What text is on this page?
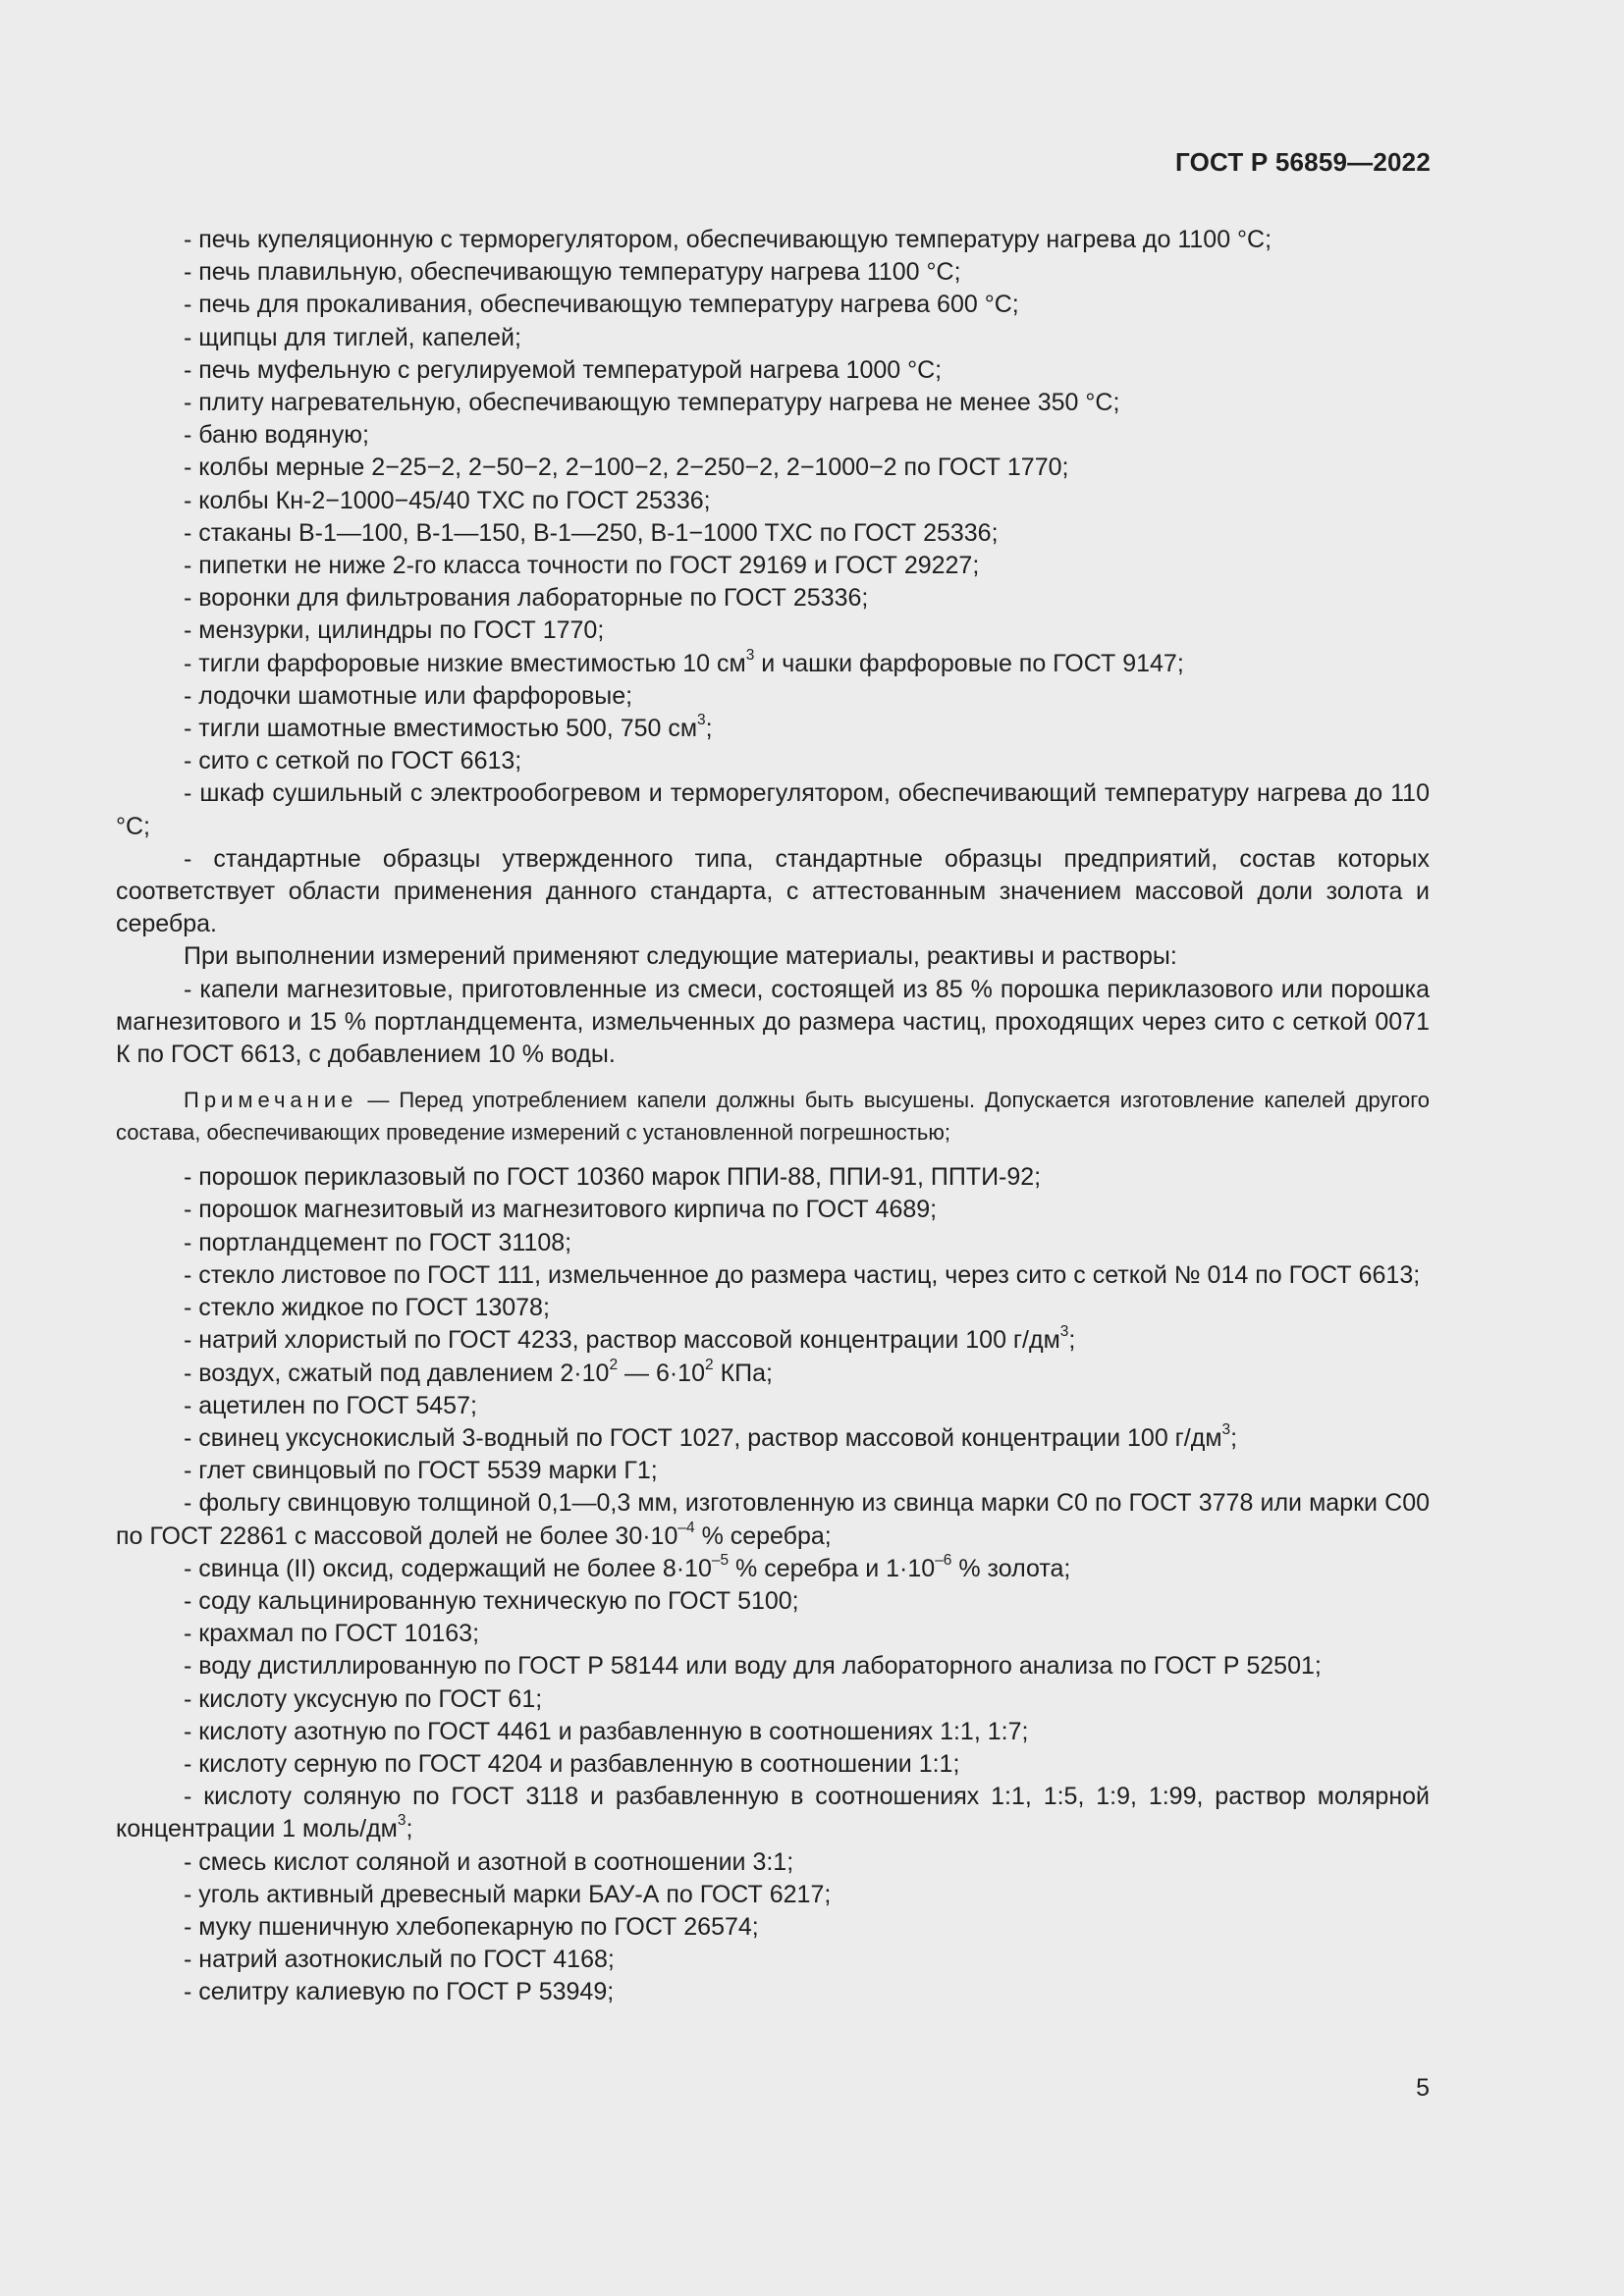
ГОСТ Р 56859—2022

- печь купеляционную с терморегулятором, обеспечивающую температуру нагрева до 1100 °С;

- печь плавильную, обеспечивающую температуру нагрева 1100 °С;

- печь для прокаливания, обеспечивающую температуру нагрева 600 °С;

- щипцы для тиглей, капелей;

- печь муфельную с регулируемой температурой нагрева 1000 °С;

- плиту нагревательную, обеспечивающую температуру нагрева не менее 350 °С;

- баню водяную;

- колбы мерные 2−25−2, 2−50−2, 2−100−2, 2−250−2, 2−1000−2 по ГОСТ 1770;

- колбы Кн-2−1000−45/40 ТХС по ГОСТ 25336;

- стаканы В-1—100, В-1—150, В-1—250, В-1−1000 ТХС по ГОСТ 25336;

- пипетки не ниже 2-го класса точности по ГОСТ 29169 и ГОСТ 29227;

- воронки для фильтрования лабораторные по ГОСТ 25336;

- мензурки, цилиндры по ГОСТ 1770;

- тигли фарфоровые низкие вместимостью 10 $см^3$ и чашки фарфоровые по ГОСТ 9147;

- лодочки шамотные или фарфоровые;

- тигли шамотные вместимостью 500, 750 $см^3$;

- сито с сеткой по ГОСТ 6613;

- шкаф сушильный с электрообогревом и терморегулятором, обеспечивающий температуру нагрева до 110 °С;

- стандартные образцы утвержденного типа, стандартные образцы предприятий, состав которых соответствует области применения данного стандарта, с аттестованным значением массовой доли золота и серебра.

При выполнении измерений применяют следующие материалы, реактивы и растворы:

- капели магнезитовые, приготовленные из смеси, состоящей из 85 % порошка периклазового или порошка магнезитового и 15 % портландцемента, измельченных до размера частиц, проходящих через сито с сеткой 0071 К по ГОСТ 6613, с добавлением 10 % воды.

Примечание — Перед употреблением капели должны быть высушены. Допускается изготовление капелей другого состава, обеспечивающих проведение измерений с установленной погрешностью;

- порошок периклазовый по ГОСТ 10360 марок ППИ-88, ППИ-91, ППТИ-92;

- порошок магнезитовый из магнезитового кирпича по ГОСТ 4689;

- портландцемент по ГОСТ 31108;

- стекло листовое по ГОСТ 111, измельченное до размера частиц, через сито с сеткой № 014 по ГОСТ 6613;

- стекло жидкое по ГОСТ 13078;

- натрий хлористый по ГОСТ 4233, раствор массовой концентрации 100 $г/дм^3$;

- воздух, сжатый под давлением $2\cdot 10^2$ — $6\cdot 10^2$ КПа;

- ацетилен по ГОСТ 5457;

- свинец уксуснокислый 3-водный по ГОСТ 1027, раствор массовой концентрации 100 $г/дм^3$;

- глет свинцовый по ГОСТ 5539 марки Г1;

- фольгу свинцовую толщиной 0,1—0,3 мм, изготовленную из свинца марки С0 по ГОСТ 3778 или марки С00 по ГОСТ 22861 с массовой долей не более $30\cdot 10^{-4}$ % серебра;

- свинца (II) оксид, содержащий не более $8\cdot 10^{-5}$ % серебра и $1\cdot 10^{-6}$ % золота;

- соду кальцинированную техническую по ГОСТ 5100;

- крахмал по ГОСТ 10163;

- воду дистиллированную по ГОСТ Р 58144 или воду для лабораторного анализа по ГОСТ Р 52501;

- кислоту уксусную по ГОСТ 61;

- кислоту азотную по ГОСТ 4461 и разбавленную в соотношениях 1:1, 1:7;

- кислоту серную по ГОСТ 4204 и разбавленную в соотношении 1:1;

- кислоту соляную по ГОСТ 3118 и разбавленную в соотношениях 1:1, 1:5, 1:9, 1:99, раствор молярной концентрации 1 моль/$дм^3$;

- смесь кислот соляной и азотной в соотношении 3:1;

- уголь активный древесный марки БАУ-А по ГОСТ 6217;

- муку пшеничную хлебопекарную по ГОСТ 26574;

- натрий азотнокислый по ГОСТ 4168;

- селитру калиевую по ГОСТ Р 53949;

5
